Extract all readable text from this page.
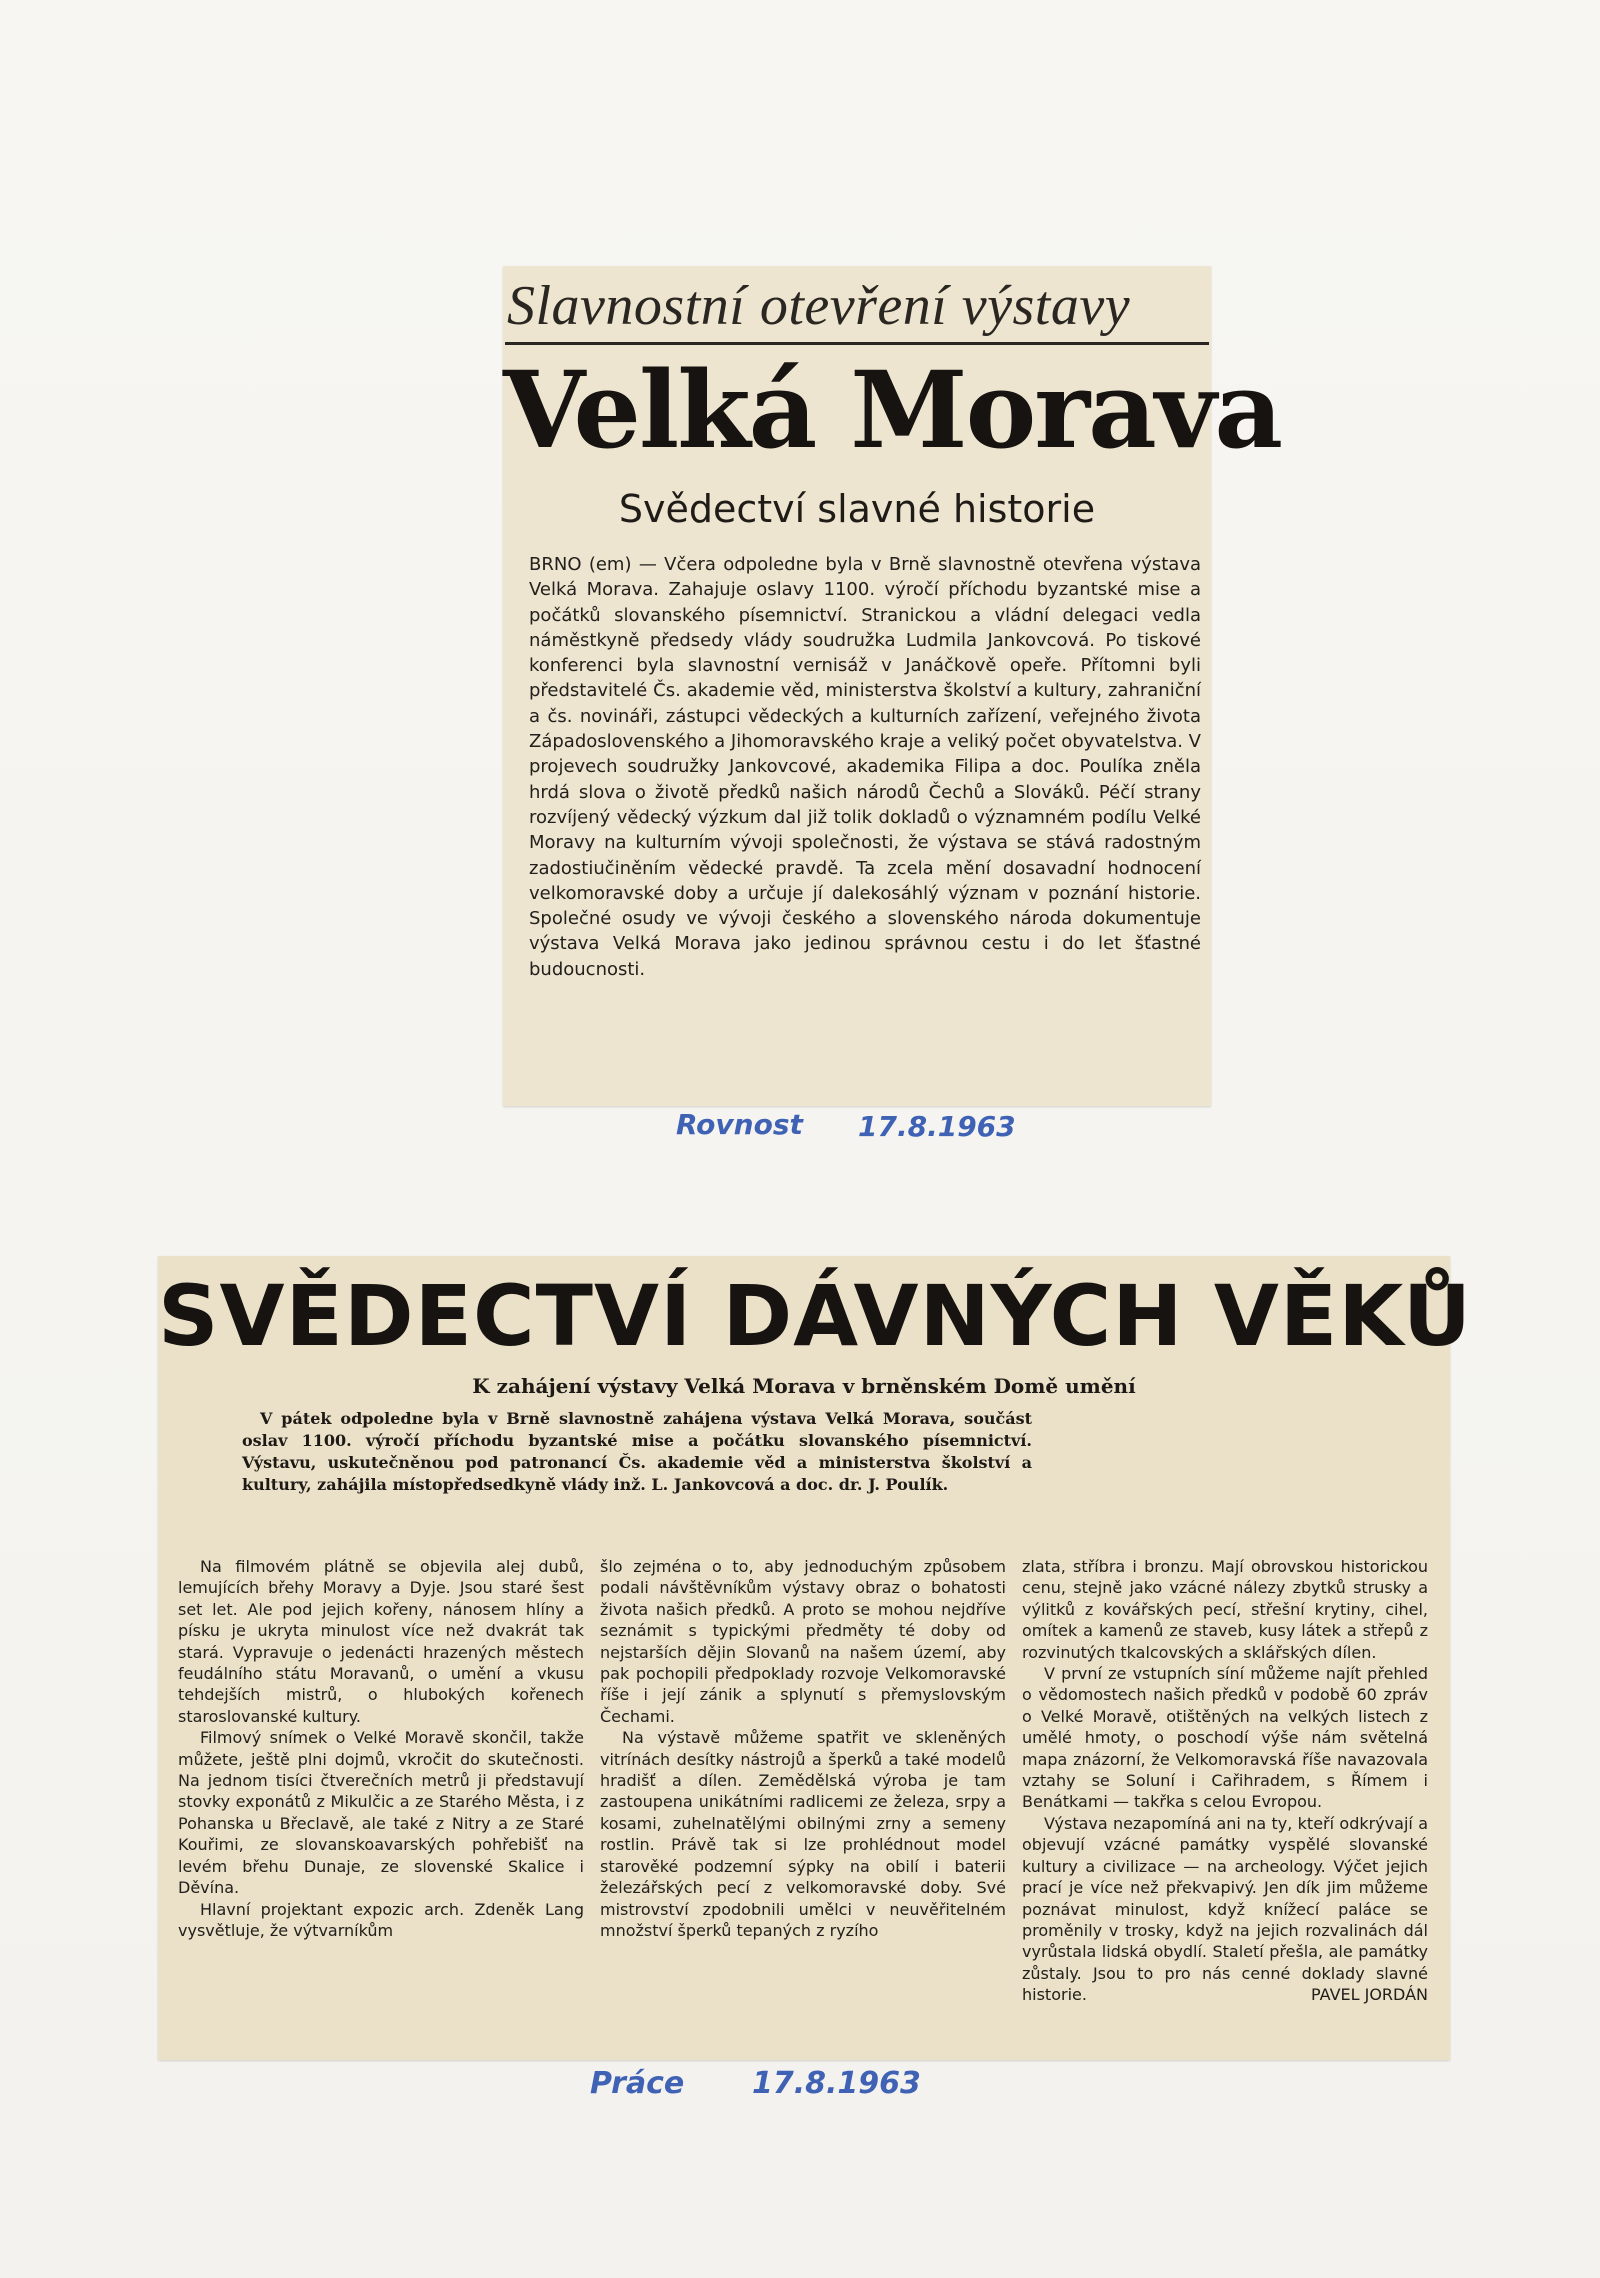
Slavnostní otevření výstavy
Velká Morava
Svědectví slavné historie

BRNO (em) — Včera odpoledne byla v Brně slavnostně otevřena výstava Velká Morava. Zahajuje oslavy 1100. výročí příchodu byzantské mise a počátků slovanského písemnictví. Stranickou a vládní delegaci vedla náměstkyně předsedy vlády soudružka Ludmila Jankovcová. Po tiskové konferenci byla slavnostní vernisáž v Janáčkově opeře. Přítomni byli představitelé Čs. akademie věd, ministerstva školství a kultury, zahraniční a čs. novináři, zástupci vědeckých a kulturních zařízení, veřejného života Západoslovenského a Jihomoravského kraje a veliký počet obyvatelstva. V projevech soudružky Jankovcové, akademika Filipa a doc. Poulíka zněla hrdá slova o životě předků našich národů Čechů a Slováků. Péčí strany rozvíjený vědecký výzkum dal již tolik dokladů o významném podílu Velké Moravy na kulturním vývoji společnosti, že výstava se stává radostným zadostiučiněním vědecké pravdě. Ta zcela mění dosavadní hodnocení velkomoravské doby a určuje jí dalekosáhlý význam v poznání historie. Společné osudy ve vývoji českého a slovenského národa dokumentuje výstava Velká Morava jako jedinou správnou cestu i do let šťastné budoucnosti.

Rovnost 17.8.1963
SVĚDECTVÍ DÁVNÝCH VĚKŮ
K zahájení výstavy Velká Morava v brněnském Domě umění

V pátek odpoledne byla v Brně slavnostně zahájena výstava Velká Morava, součást oslav 1100. výročí příchodu byzantské mise a počátku slovanského písemnictví. Výstavu, uskutečněnou pod patronancí Čs. akademie věd a ministerstva školství a kultury, zahájila místopředsedkyně vlády inž. L. Jankovcová a doc. dr. J. Poulík.

Na filmovém plátně se objevila alej dubů, lemujících břehy Moravy a Dyje. Jsou staré šest set let. Ale pod jejich kořeny, nánosem hlíny a písku je ukryta minulost více než dvakrát tak stará. Vypravuje o jedenácti hrazených městech feudálního státu Moravanů, o umění a vkusu tehdejších mistrů, o hlubokých kořenech staroslovanské kultury.

Filmový snímek o Velké Moravě skončil, takže můžete, ještě plni dojmů, vkročit do skutečnosti. Na jednom tisíci čtverečních metrů ji představují stovky exponátů z Mikulčic a ze Starého Města, i z Pohanska u Břeclavě, ale také z Nitry a ze Staré Kouřimi, ze slovanskoavarských pohřebišť na levém břehu Dunaje, ze slovenské Skalice i Děvína.

Hlavní projektant expozic arch. Zdeněk Lang vysvětluje, že výtvarníkům

šlo zejména o to, aby jednoduchým způsobem podali návštěvníkům výstavy obraz o bohatosti života našich předků. A proto se mohou nejdříve seznámit s typickými předměty té doby od nejstarších dějin Slovanů na našem území, aby pak pochopili předpoklady rozvoje Velkomoravské říše i její zánik a splynutí s přemyslovským Čechami.

Na výstavě můžeme spatřit ve skleněných vitrínách desítky nástrojů a šperků a také modelů hradišť a dílen. Zemědělská výroba je tam zastoupena unikátními radlicemi ze železa, srpy a kosami, zuhelnatělými obilnými zrny a semeny rostlin. Právě tak si lze prohlédnout model starověké podzemní sýpky na obilí i baterii železářských pecí z velkomoravské doby. Své mistrovství zpodobnili umělci v neuvěřitelném množství šperků tepaných z ryzího

zlata, stříbra i bronzu. Mají obrovskou historickou cenu, stejně jako vzácné nálezy zbytků strusky a výlitků z kovářských pecí, střešní krytiny, cihel, omítek a kamenů ze staveb, kusy látek a střepů z rozvinutých tkalcovských a sklářských dílen.

V první ze vstupních síní můžeme najít přehled o vědomostech našich předků v podobě 60 zpráv o Velké Moravě, otištěných na velkých listech z umělé hmoty, o poschodí výše nám světelná mapa znázorní, že Velkomoravská říše navazovala vztahy se Soluní i Cařihradem, s Římem i Benátkami — takřka s celou Evropou.

Výstava nezapomíná ani na ty, kteří odkrývají a objevují vzácné památky vyspělé slovanské kultury a civilizace — na archeology. Výčet jejich prací je více než překvapivý. Jen dík jim můžeme poznávat minulost, když knížecí paláce se proměnily v trosky, když na jejich rozvalinách dál vyrůstala lidská obydlí. Staletí přešla, ale památky zůstaly. Jsou to pro nás cenné doklady slavné historie.	PAVEL JORDÁN

Práce 17.8.1963
